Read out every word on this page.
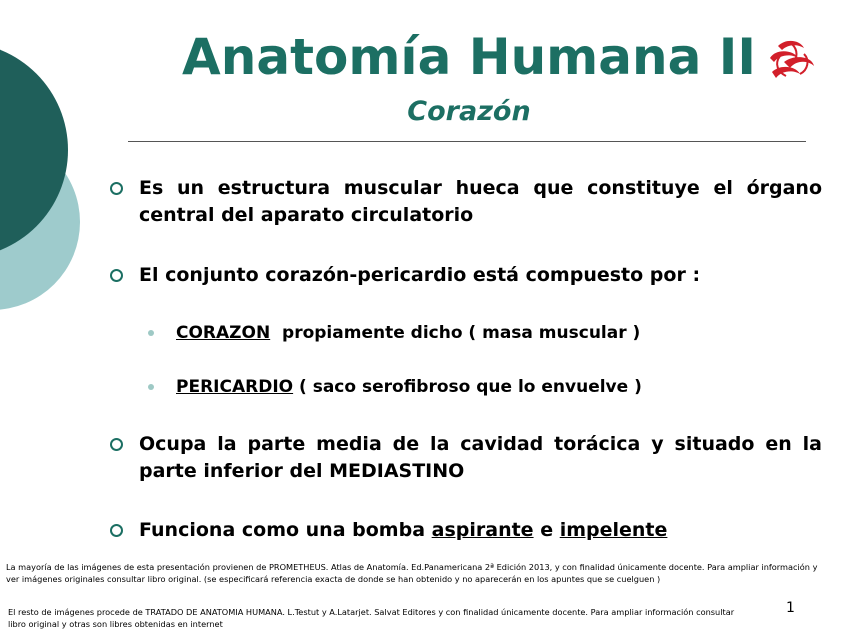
Anatomía Humana II
Corazón
Es un estructura muscular hueca que constituye el órgano central del aparato circulatorio
El conjunto corazón-pericardio está compuesto por :
CORAZON  propiamente dicho ( masa muscular )
PERICARDIO ( saco serofibroso que lo envuelve )
Ocupa la parte media de la cavidad torácica y situado en la parte inferior del MEDIASTINO
Funciona como una bomba aspirante e impelente
La mayoría de las imágenes de esta presentación provienen de PROMETHEUS. Atlas de Anatomía. Ed.Panamericana 2ª Edición 2013, y con finalidad únicamente docente. Para ampliar información y ver imágenes originales consultar libro original. (se especificará referencia exacta de donde se han obtenido y no aparecerán en los apuntes que se cuelguen )
El resto de imágenes procede de TRATADO DE ANATOMIA HUMANA. L.Testut y A.Latarjet. Salvat Editores y con finalidad únicamente docente. Para ampliar información consultar libro original y otras son libres obtenidas en internet
1
